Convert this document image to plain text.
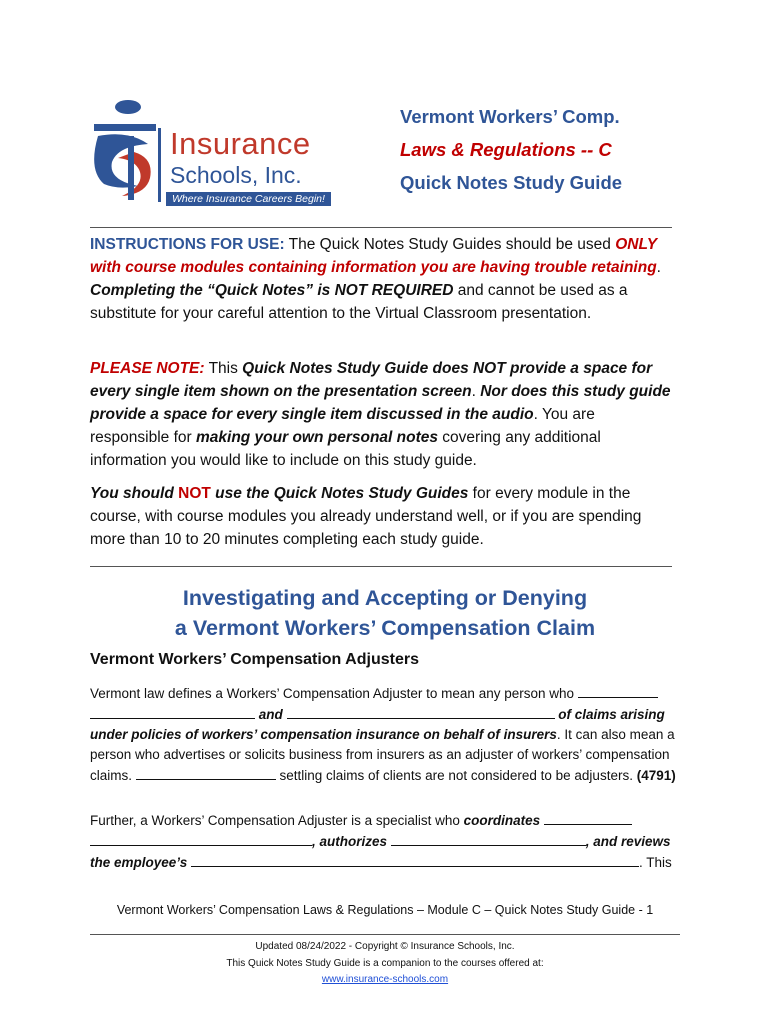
Insurance
Schools, Inc.
Where Insurance Careers Begin!
Vermont Workers’ Comp.
Laws & Regulations -- C
Quick Notes Study Guide

INSTRUCTIONS FOR USE: The Quick Notes Study Guides should be used ONLY with course modules containing information you are having trouble retaining. Completing the “Quick Notes” is NOT REQUIRED and cannot be used as a substitute for your careful attention to the Virtual Classroom presentation.

PLEASE NOTE: This Quick Notes Study Guide does NOT provide a space for every single item shown on the presentation screen. Nor does this study guide provide a space for every single item discussed in the audio. You are responsible for making your own personal notes covering any additional information you would like to include on this study guide.

You should NOT use the Quick Notes Study Guides for every module in the course, with course modules you already understand well, or if you are spending more than 10 to 20 minutes completing each study guide.

Investigating and Accepting or Denying
a Vermont Workers’ Compensation Claim
Vermont Workers’ Compensation Adjusters

Vermont law defines a Workers’ Compensation Adjuster to mean any person who   and	of claims arising under policies of workers’ compensation insurance on behalf of insurers. It can also mean a person who advertises or solicits business from insurers as an adjuster of workers’ compensation claims.	settling claims of clients are not considered to be adjusters. (4791)

Further, a Workers’ Compensation Adjuster is a specialist who coordinates  , authorizes	, and reviews the employee’s	. This

Vermont Workers’ Compensation Laws & Regulations – Module C – Quick Notes Study Guide - 1
Updated 08/24/2022 - Copyright © Insurance Schools, Inc.
This Quick Notes Study Guide is a companion to the courses offered at:
www.insurance-schools.com
